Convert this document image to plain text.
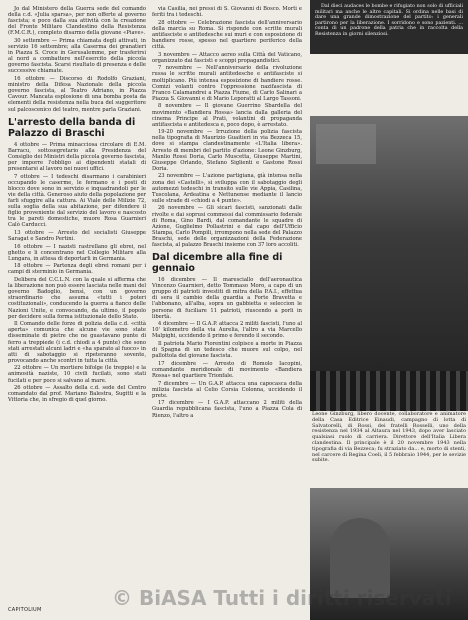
Jo dal Ministero della Guerra sede del comando della c.d. «Julia sparsa», per non offerte al governo fascista; e poco dalla sua attività con la creazione del Fronte Militare Clandestino della Resistenza (F.M.C.R.), completo disarmo della giovane «Piave».

30 settembre — Prima chiamata degli attivati, in servizio 16 settembre; alla Caserma dei granatieri in Piazza S. Croce in Gerusalemme, per trasferirsi al nord a combattere nell'esercito della piccola governo fascista. Scarsi risultato di presenza e delle successive chiamate.

16 ottobre — Discorso di Rodolfo Graziani, ministro della Difesa Nazionale della piccola governo fascista, al Teatro Adriano, in Piazza Cavour. Mancata esplosione di una bomba posta da elementi della resistenza nella buca del suggeritore sul palcoscenico del teatro, mentre parla Graziani.

L'arresto della banda di Palazzo di Braschi

4 ottobre — Prima minacciosa circolare di E.M. Barracu, sottosegretario alla Presidenza del Consiglio dei Ministri della piccola governo fascista, per imporre l'obbligo ai dipendenti statali di presentarsi al lavoro nei nuovi uffici.

7 ottobre — I tedeschi disarmano i carabinieri occupando le caserme, le fermano e i posti di blocco dove sono in servizio e inquadrandoli per le vie della città. Generoso aiuto della popolazione per farli sfuggire alla cattura. Ai Viale delle Milizie 72, sulla soglia della sua abitazione, per difendere il figlio proveniente dal servizio del lavoro e nascosto tra le pareti domestiche, muore Rosa Guarnieri Calò Carducci.

13 ottobre — Arresto del socialisti Giuseppe Saragat e Sandro Pertini.

16 ottobre — I nazisti rastrellano gli ebrei, nel ghetto e li concentrano nel Collegio Militare alla Lungara, in attesa di deportarli in Germania.

18 ottobre — Partenza degli ebrei romani per i campi di sterminio in Germania.

Delibera del C.C.L.N. con la quale si afferma che la liberazione non può essere lasciata nelle mani del governo Badoglio, bensì, con un governo straordinario che assuma «tutti i poteri costituzionali», conducendo la guerra a fianco delle Nazioni Unite, e convocando, da ultimo, il popolo per decidere sulla forma istituzionale dello Stato.

Il Comando delle forze di polizia della c.d. «città aperta» comunica che alcune vie sono state disseminate di pietre che ne guastavano punte di ferro a treppiede (i c.d. chiodi a 4 punte) che sono stati arrestati alcuni ladri e «ha sparato al fuoco» in atti di sabotaggio si ripeteranno sovente, provocando anche scontri in tutta la città.

22 ottobre — Un mortiere bifolge (le treppie) e la animosità naziste, 10 civili fucilati, sono stati fucilati e per poco si salvano al mare.

26 ottobre — Assalto della c.d. sede del Centro comandato dal prof. Mariano Balestra, Sugitti e la Vittoria che, in sfregio di quel giorno.

via Casilia, nei pressi di S. Giovanni di Bosco. Morti e feriti tra i tedeschi.

28 ottobre — Celebrazione fascista dell'anniversario della marcia su Roma. Si risponde con scritte murali antifasciste e antitedesche sui muri e con esposizione di bandiere rosse, spesso nel quartiere periferico della città.

3 novembre — Attacco aereo sulla Città del Vaticano, organizzato dai fascisti e scoppi propagandistici.

7 novembre — Nell'anniversario della rivoluzione russa le scritte murali antitedesche e antifasciste si moltiplicano. Più intensa esposizione di bandiere rosse. Comizi volanti contro l'oppressione nazifascista di Franco Calamandrei a Piazza Fiume, di Carlo Salinari a Piazza S. Giovanni e di Mario Leporatti al Largo Tassoni.

8 novembre — Il giovane Guerrino Sbardella del movimento «Bandiera Rossa» lancia dalla galleria del cinema Principe al Prati, volantini di propaganda antifascista e antitedesca e, poco dopo, è arrestato.

19-20 novembre — Irruzione della polizia fascista nella tipografia di Maurizio Guaitieri in via Bezzeca 15, dove si stampa clandestinamente «L'Italia libera». Arresto di membri del partito d'azione: Leone Ginzburg, Manlio Rossi Doria, Carlo Muscetta, Giuseppe Martini, Giuseppe Orlando, Stefano Siglienti e Gastone Rossi Doria.

23 novembre — L'azione partigiana, già intensa nella zona dei «Castelli», si sviluppa con il sabotaggio degli automezzi tedeschi in transito sulle vie Appia, Casilina, Tuscolana, Ardeatina e Nettunense mediante il lancio sulle strade di «chiodi a 4 punte».

26 novembre — Gli sicari fascisti, sanzionati dalle rivolte e dai soprusi commessi dal commissario federale di Roma, Gino Bardi, dal comandante le squadre di Azione, Guglielmo Pollastrini e dal capo dell'Ufficio Stampa, Carlo Pompili, irrompono nella sede del Palazzo Braschi, sede delle organizzazioni della Federazione fascista, al palazzo Braschi insieme con 37 loro accoliti.

Dal dicembre alla fine di gennaio

16 dicembre — Il maresciallo dell'aeronautica Vincenzo Guarnieri, detto Tommaso Moro, a capo di un gruppo di patrioti investiti di mitra della P.A.I., effettua di sera il cambio della guardia a Forte Bravetta e l'abbonano, all'alba, sopra un gabbietta e seleccion le persone di fuciliare 11 patrioti, riuscendo a porli in libertà.

4 dicembre — Il G.A.P. attacca 2 militi fascisti, l'uno al 10' kilometro della via Aurelia, l'altro a via Marcello Malpighi, uccidendo il primo e ferendo il secondo.

Il patriota Mario Fiorentini colpisce a morte in Piazza di Spagna di un tedesco che muore sul colpo, nel pallottola del giovane fascista.

17 dicembre — Arresto di Romolo Iacopini, comandante meridionale di movimento «Bandiera Rossa» nel quartiere Trionfale.

7 dicembre — Un G.A.P. attacca una capocasca della milizia fascista al Celio Corsia Colonna, uccidendo il prete.

17 dicembre — I G.A.P. attaccano 2 militi della Guardia repubblicana fascista, l'uno a Piazza Cola di Rienzo, l'altro a

Dal dieci audaces le bombe e rifugiato non solo di ufficiali militari ma anche le altre capitali. Si ordina nelle basi di dare una grande dimostrazione del partito: i generali partirono per la liberazione. I sorridono e sono pazienti. ... conta di un padrone della patria che in raccolta della Resistenza in giorni silenziosi.

Leone Ginzburg, libero docente, collaboratore e animatore della Casa Editrice Einaudi, campagno di lotta di Salvatorelli, di Rossi, dei fratelli Rosselli, uno della resistenza nel 1934 al Altaura nel 1943, dopo aver lasciato qualsiasi ruolo di carriera. Direttore dell'Italia Libera clandestina. Il principale è il 20 novembre 1943 nella tipografia di via Bezzeca; fu straziato da... e, morto di stenti, nel carcere di Regina Coeli, il 5 febbraio 1944, per le sevizie subite.
CAPITOLIUM	© BiASA Tutti i diritti riservati
